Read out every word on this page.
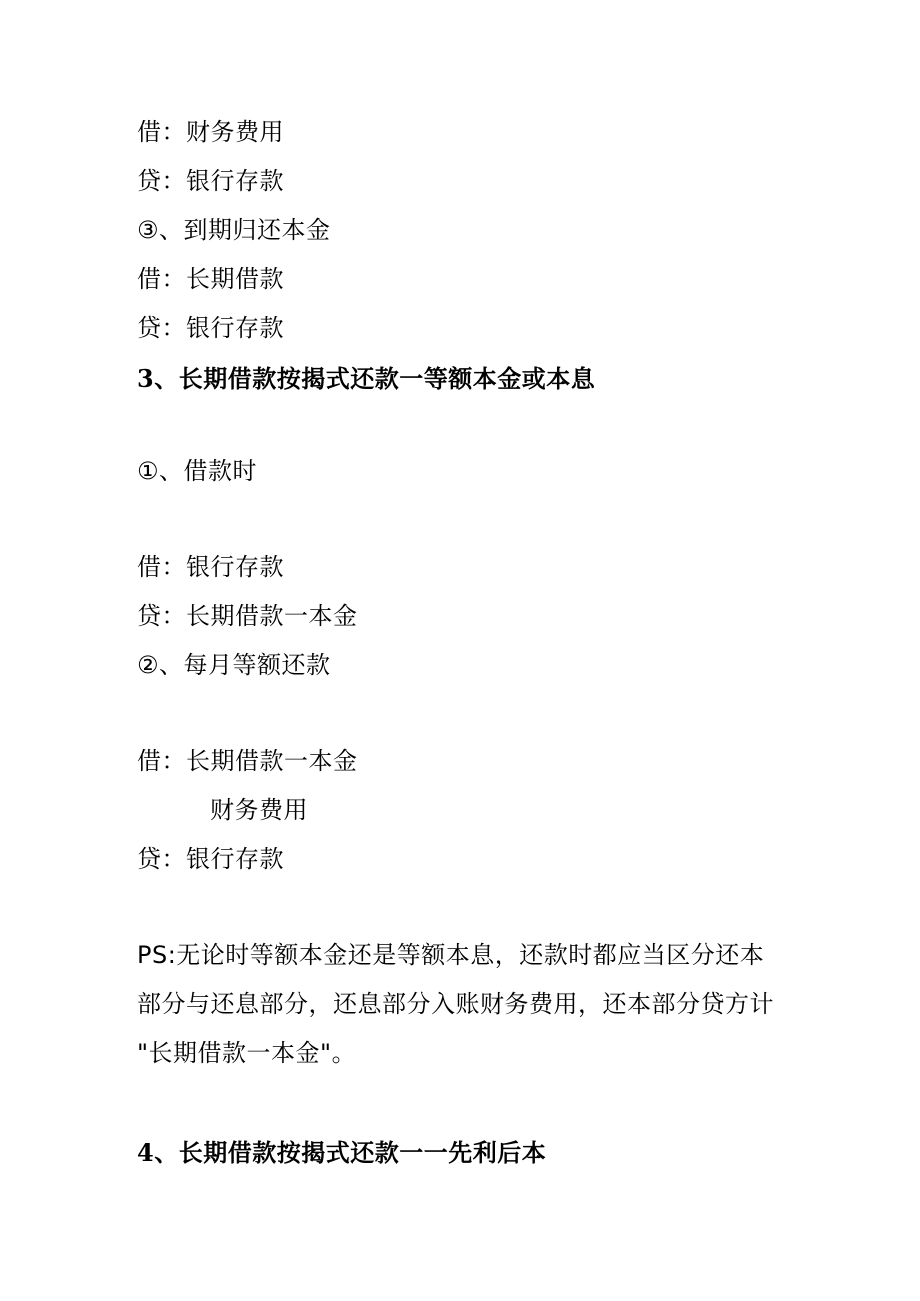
借：财务费用
贷：银行存款
③、到期归还本金
借：长期借款
贷：银行存款
3、长期借款按揭式还款一等额本金或本息
①、借款时
借：银行存款
贷：长期借款一本金
②、每月等额还款
借：长期借款一本金
财务费用
贷：银行存款
PS:无论时等额本金还是等额本息，还款时都应当区分还本
部分与还息部分，还息部分入账财务费用，还本部分贷方计
"长期借款一本金"。
4、长期借款按揭式还款一一先利后本
